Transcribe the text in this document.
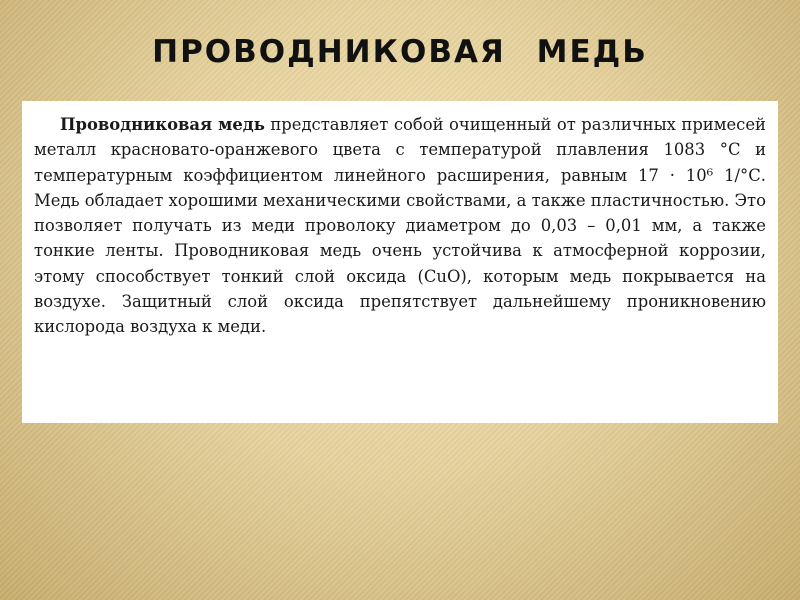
ПРОВОДНИКОВАЯ МЕДЬ

Проводниковая медь представляет собой очищенный от различных примесей металл красновато-оранжевого цвета с температурой плавления 1083 °С и температурным коэффициентом линейного расширения, равным 17 · 10⁶ 1/°С. Медь обладает хорошими механическими свойствами, а также пластичностью. Это позволяет получать из меди проволоку диаметром до 0,03 – 0,01 мм, а также тонкие ленты. Проводниковая медь очень устойчива к атмосферной коррозии, этому способствует тонкий слой оксида (CuO), которым медь покрывается на воздухе. Защитный слой оксида препятствует дальнейшему проникновению кислорода воздуха к меди.
